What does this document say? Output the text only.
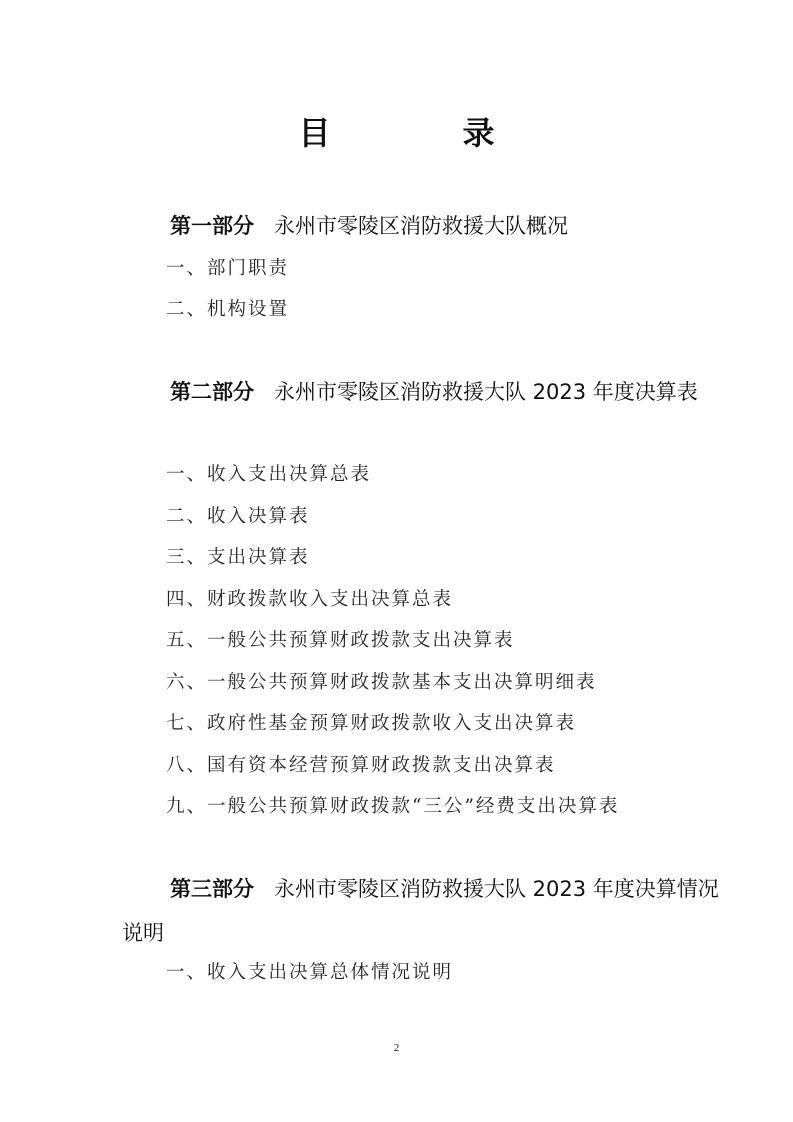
目　录
第一部分 永州市零陵区消防救援大队概况
一、部门职责
二、机构设置
第二部分 永州市零陵区消防救援大队 2023 年度决算表
一、收入支出决算总表
二、收入决算表
三、支出决算表
四、财政拨款收入支出决算总表
五、一般公共预算财政拨款支出决算表
六、一般公共预算财政拨款基本支出决算明细表
七、政府性基金预算财政拨款收入支出决算表
八、国有资本经营预算财政拨款支出决算表
九、一般公共预算财政拨款“三公”经费支出决算表
第三部分 永州市零陵区消防救援大队 2023 年度决算情况说明
一、收入支出决算总体情况说明
2
